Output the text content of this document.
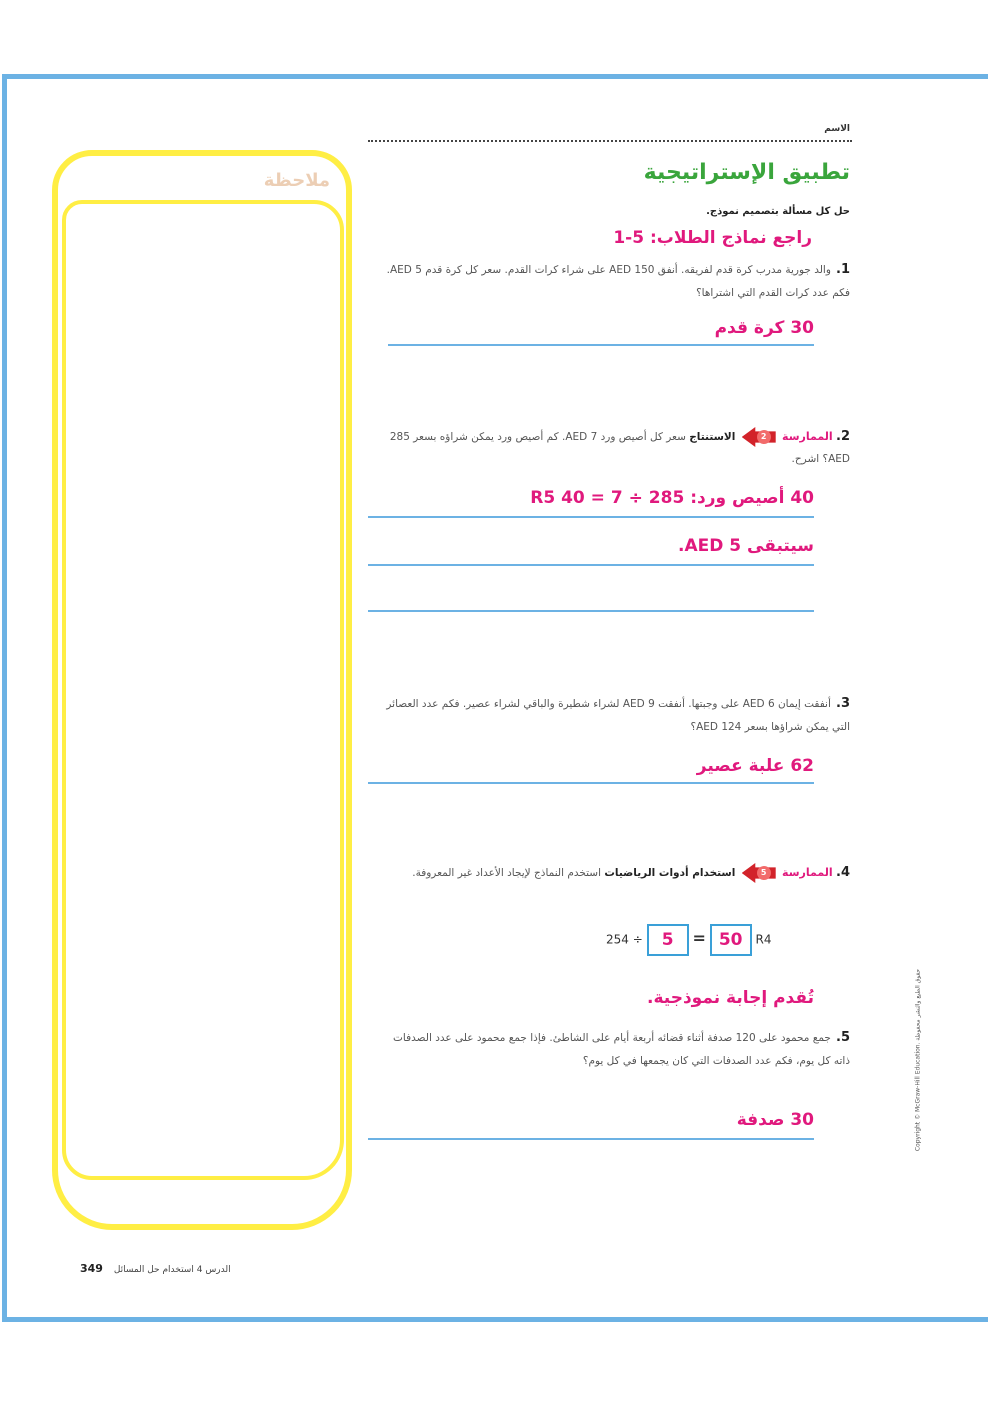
ملاحظة
الاسم
تطبيق الإستراتيجية
حل كل مسألة بتصميم نموذج.
راجع نماذج الطلاب: 5-1
1. والد جورية مدرب كرة قدم لفريقه. أنفق 150 AED على شراء كرات القدم. سعر كل كرة قدم 5 AED. فكم عدد كرات القدم التي اشتراها؟
30 كرة قدم
2. الممارسة
2
الاستنتاج سعر كل أصيص ورد 7 AED. كم أصيص ورد يمكن شراؤه بسعر 285 AED؟ اشرح.
40 أصيص ورد: 285 ÷ 7 = 40 R5
سيتبقى 5 AED.
3. أنفقت إيمان 6 AED على وجبتها. أنفقت 9 AED لشراء شطيرة والباقي لشراء عصير. فكم عدد العصائر التي يمكن شراؤها بسعر 124 AED؟
62 علبة عصير
4. الممارسة
5
استخدام أدوات الرياضيات استخدم النماذج لإيجاد الأعداد غير المعروفة.
254 ÷ 5 = 50 R4
تُقدم إجابة نموذجية.
5. جمع محمود على 120 صدفة أثناء قضائه أربعة أيام على الشاطئ. فإذا جمع محمود على عدد الصدفات ذاته كل يوم، فكم عدد الصدفات التي كان يجمعها في كل يوم؟
30 صدفة	Copyright © McGraw-Hill Education. حقوق الطبع والنشر محفوظة
349 الدرس 4 استخدام حل المسائل
